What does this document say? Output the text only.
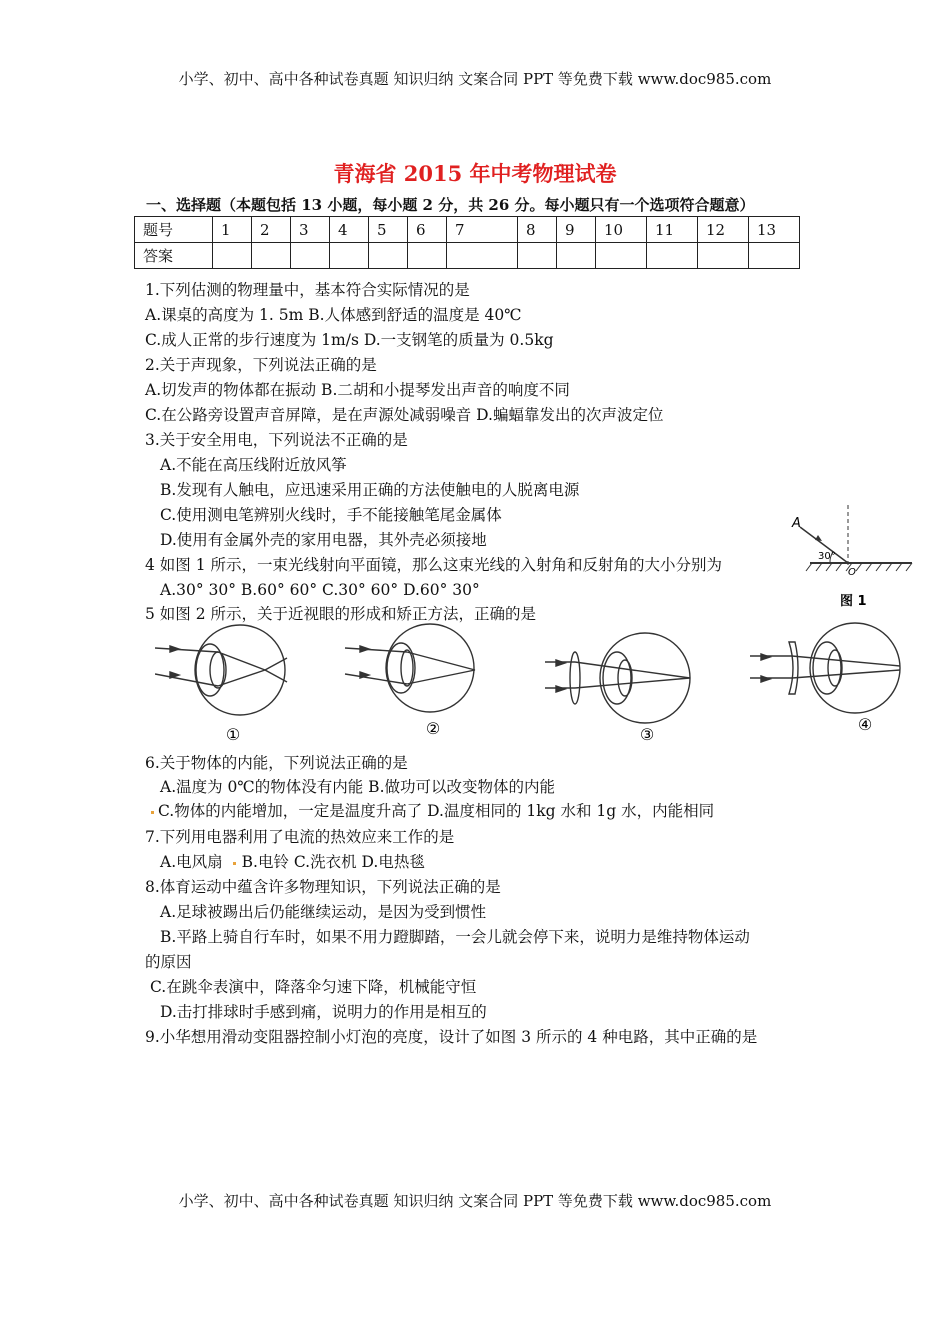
小学、初中、高中各种试卷真题 知识归纳 文案合同 PPT 等免费下载 www.doc985.com
青海省 2015 年中考物理试卷
一、选择题（本题包括 13 小题，每小题 2 分，共 26 分。每小题只有一个选项符合题意）
题号	1	2	3	4	5	6	7	8	9	10	11	12	13
答案													
1.下列估测的物理量中，基本符合实际情况的是
A.课桌的高度为 1. 5m B.人体感到舒适的温度是 40℃
C.成人正常的步行速度为 1m/s D.一支钢笔的质量为 0.5kg
2.关于声现象，下列说法正确的是
A.切发声的物体都在振动 B.二胡和小提琴发出声音的响度不同
C.在公路旁设置声音屏障，是在声源处减弱噪音 D.蝙蝠靠发出的次声波定位
3.关于安全用电，下列说法不正确的是
A.不能在高压线附近放风筝
B.发现有人触电，应迅速采用正确的方法使触电的人脱离电源
C.使用测电笔辨别火线时，手不能接触笔尾金属体
D.使用有金属外壳的家用电器，其外壳必须接地
4 如图 1 所示，一束光线射向平面镜，那么这束光线的入射角和反射角的大小分别为
A.30° 30° B.60° 60° C.30° 60° D.60° 30°
A
30°
O
图 1
5 如图 2 所示，关于近视眼的形成和矫正方法，正确的是
①	②	③
④
6.关于物体的内能，下列说法正确的是
A.温度为 0℃的物体没有内能 B.做功可以改变物体的内能
C.物体的内能增加，一定是温度升高了 D.温度相同的 1kg 水和 1g 水，内能相同
7.下列用电器利用了电流的热效应来工作的是
A.电风扇 B.电铃 C.洗衣机 D.电热毯
8.体育运动中蕴含许多物理知识，下列说法正确的是
A.足球被踢出后仍能继续运动，是因为受到惯性
B.平路上骑自行车时，如果不用力蹬脚踏，一会儿就会停下来，说明力是维持物体运动
的原因
C.在跳伞表演中，降落伞匀速下降，机械能守恒
D.击打排球时手感到痛，说明力的作用是相互的
9.小华想用滑动变阻器控制小灯泡的亮度，设计了如图 3 所示的 4 种电路，其中正确的是
小学、初中、高中各种试卷真题 知识归纳 文案合同 PPT 等免费下载 www.doc985.com
